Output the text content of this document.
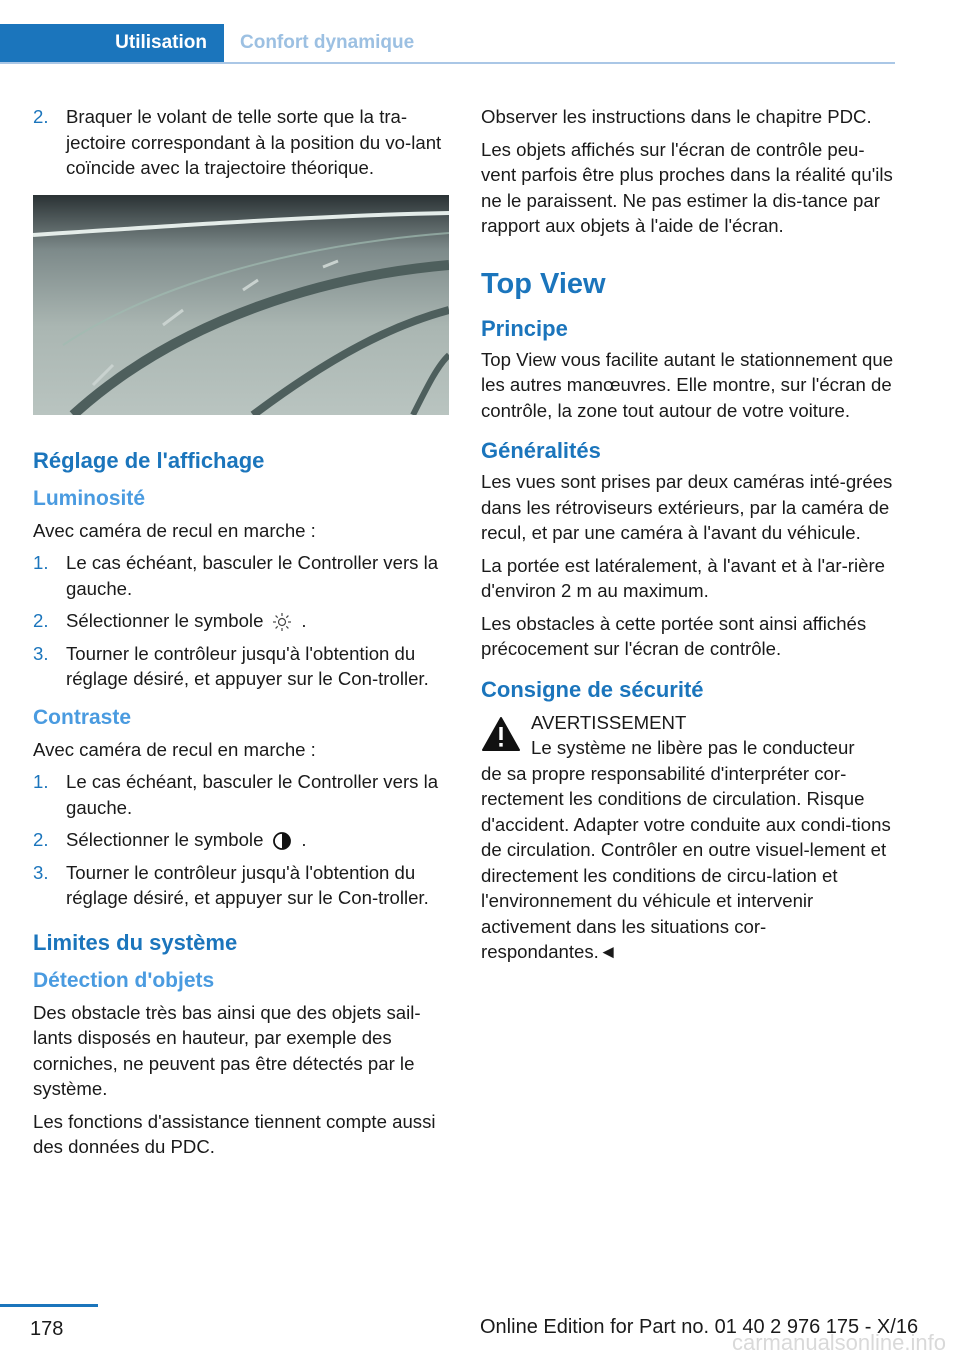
Utilisation	Confort dynamique
2. Braquer le volant de telle sorte que la tra-jectoire correspondant à la position du vo-lant coïncide avec la trajectoire théorique.
Réglage de l'affichage
Luminosité

Avec caméra de recul en marche :

1. Le cas échéant, basculer le Controller vers la gauche.
2. Sélectionner le symbole .
3. Tourner le contrôleur jusqu'à l'obtention du réglage désiré, et appuyer sur le Con-troller.
Contraste

Avec caméra de recul en marche :

1. Le cas échéant, basculer le Controller vers la gauche.
2. Sélectionner le symbole .
3. Tourner le contrôleur jusqu'à l'obtention du réglage désiré, et appuyer sur le Con-troller.
Limites du système
Détection d'objets

Des obstacle très bas ainsi que des objets sail-lants disposés en hauteur, par exemple des corniches, ne peuvent pas être détectés par le système.

Les fonctions d'assistance tiennent compte aussi des données du PDC.

Observer les instructions dans le chapitre PDC.

Les objets affichés sur l'écran de contrôle peu-vent parfois être plus proches dans la réalité qu'ils ne le paraissent. Ne pas estimer la dis-tance par rapport aux objets à l'aide de l'écran.

Top View
Principe

Top View vous facilite autant le stationnement que les autres manœuvres. Elle montre, sur l'écran de contrôle, la zone tout autour de votre voiture.

Généralités

Les vues sont prises par deux caméras inté-grées dans les rétroviseurs extérieurs, par la caméra de recul, et par une caméra à l'avant du véhicule.

La portée est latéralement, à l'avant et à l'ar-rière d'environ 2 m au maximum.

Les obstacles à cette portée sont ainsi affichés précocement sur l'écran de contrôle.

Consigne de sécurité

AVERTISSEMENT

Le système ne libère pas le conducteur

de sa propre responsabilité d'interpréter cor-rectement les conditions de circulation. Risque d'accident. Adapter votre conduite aux condi-tions de circulation. Contrôler en outre visuel-lement et directement les conditions de circu-lation et l'environnement du véhicule et intervenir activement dans les situations cor-respondantes.◄

178	Online Edition for Part no. 01 40 2 976 175 - X/16
carmanualsonline.info
